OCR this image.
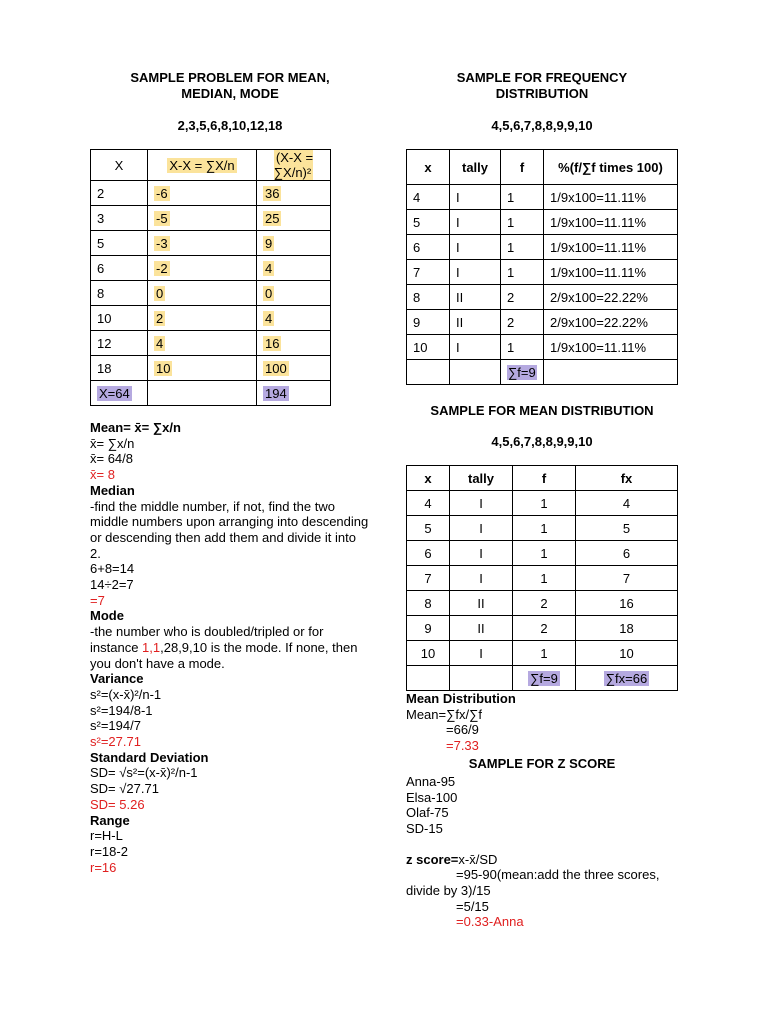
SAMPLE PROBLEM FOR MEAN,

MEDIAN, MODE

2,3,5,6,8,10,12,18

X	X-X = ∑X/n	(X-X = ∑X/n)²
2	-6	36
3	-5	25
5	-3	9
6	-2	4
8	0	0
10	2	4
12	4	16
18	10	100
X=64		194
Mean= x̄= ∑x/n
x̄= ∑x/n
x̄= 64/8
x̄= 8
Median
-find the middle number, if not, find the two middle numbers upon arranging into descending or descending then add them and divide it into 2.
6+8=14
14÷2=7
=7
Mode
-the number who is doubled/tripled or for instance 1,1,28,9,10 is the mode. If none, then you don't have a mode.
Variance
s²=(x-x̄)²/n-1
s²=194/8-1
s²=194/7
s²=27.71
Standard Deviation
SD= √s²=(x-x̄)²/n-1
SD= √27.71
SD= 5.26
Range
r=H-L
r=18-2
r=16

SAMPLE FOR FREQUENCY

DISTRIBUTION

4,5,6,7,8,8,9,9,10

x	tally	f	%(f/∑f times 100)
4	I	1	1/9x100=11.11%
5	I	1	1/9x100=11.11%
6	I	1	1/9x100=11.11%
7	I	1	1/9x100=11.11%
8	II	2	2/9x100=22.22%
9	II	2	2/9x100=22.22%
10	I	1	1/9x100=11.11%
		∑f=9	

SAMPLE FOR MEAN DISTRIBUTION

4,5,6,7,8,8,9,9,10

x	tally	f	fx
4	I	1	4
5	I	1	5
6	I	1	6
7	I	1	7
8	II	2	16
9	II	2	18
10	I	1	10
		∑f=9	∑fx=66
Mean Distribution
Mean=∑fx/∑f
=66/9
=7.33

SAMPLE FOR Z SCORE

Anna-95
Elsa-100
Olaf-75
SD-15
z score=x-x̄/SD
=95-90(mean:add the three scores, divide by 3)/15
=5/15
=0.33-Anna
